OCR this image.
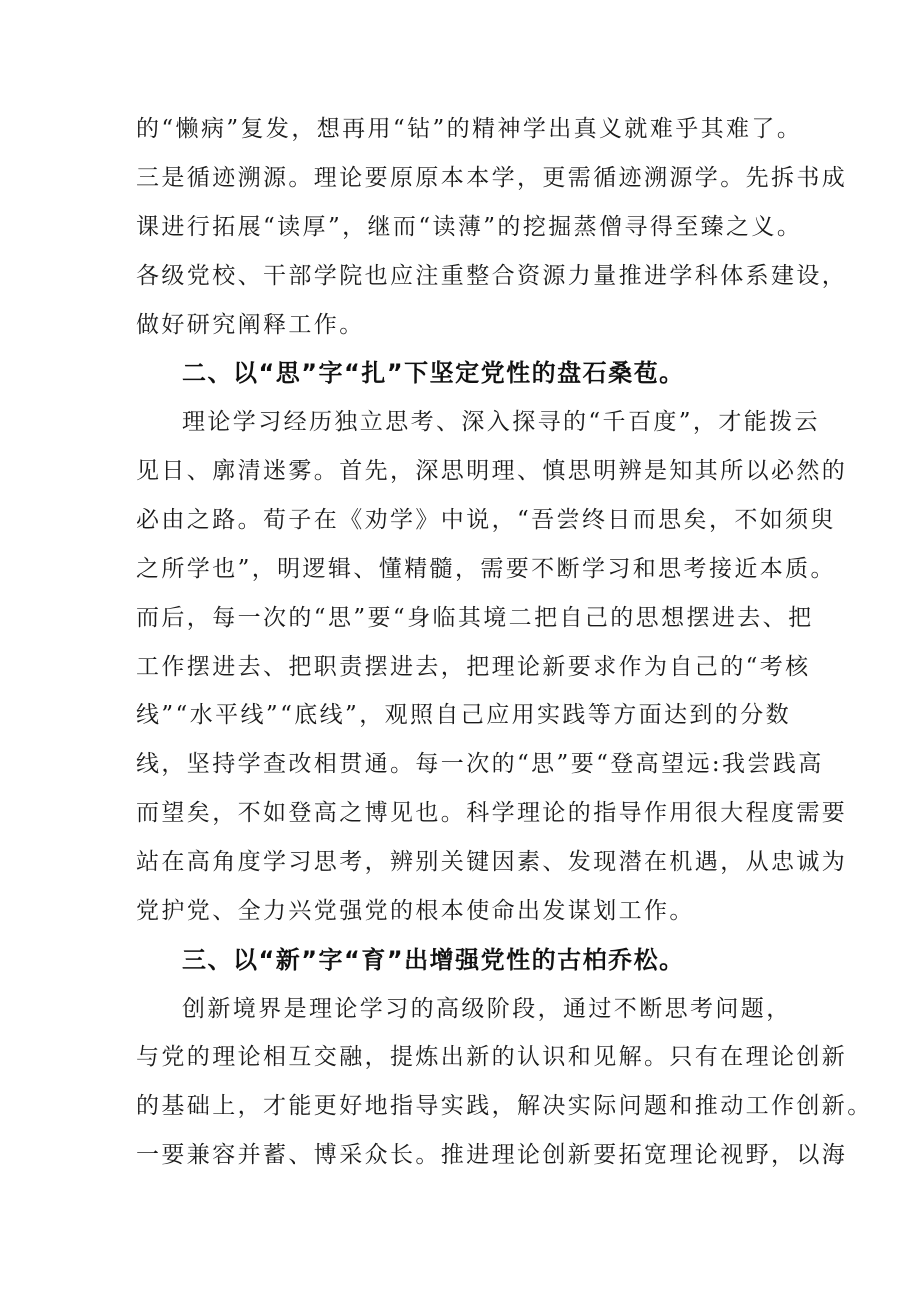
的“懒病”复发，想再用“钻”的精神学出真义就难乎其难了。
三是循迹溯源。理论要原原本本学，更需循迹溯源学。先拆书成
课进行拓展“读厚”，继而“读薄”的挖掘蒸僧寻得至臻之义。
各级党校、干部学院也应注重整合资源力量推进学科体系建设，
做好研究阐释工作。
二、以“思”字“扎”下坚定党性的盘石桑苞。
理论学习经历独立思考、深入探寻的“千百度”，才能拨云
见日、廓清迷雾。首先，深思明理、慎思明辨是知其所以必然的
必由之路。荀子在《劝学》中说，“吾尝终日而思矣，不如须臾
之所学也”，明逻辑、懂精髓，需要不断学习和思考接近本质。
而后，每一次的“思”要“身临其境二把自己的思想摆进去、把
工作摆进去、把职责摆进去，把理论新要求作为自己的“考核
线”“水平线”“底线”，观照自己应用实践等方面达到的分数
线，坚持学查改相贯通。每一次的“思”要“登高望远:我尝践高
而望矣，不如登高之博见也。科学理论的指导作用很大程度需要
站在高角度学习思考，辨别关键因素、发现潜在机遇，从忠诚为
党护党、全力兴党强党的根本使命出发谋划工作。
三、以“新”字“育”出增强党性的古柏乔松。
创新境界是理论学习的高级阶段，通过不断思考问题，
与党的理论相互交融，提炼出新的认识和见解。只有在理论创新
的基础上，才能更好地指导实践，解决实际问题和推动工作创新。
一要兼容并蓄、博采众长。推进理论创新要拓宽理论视野，以海
